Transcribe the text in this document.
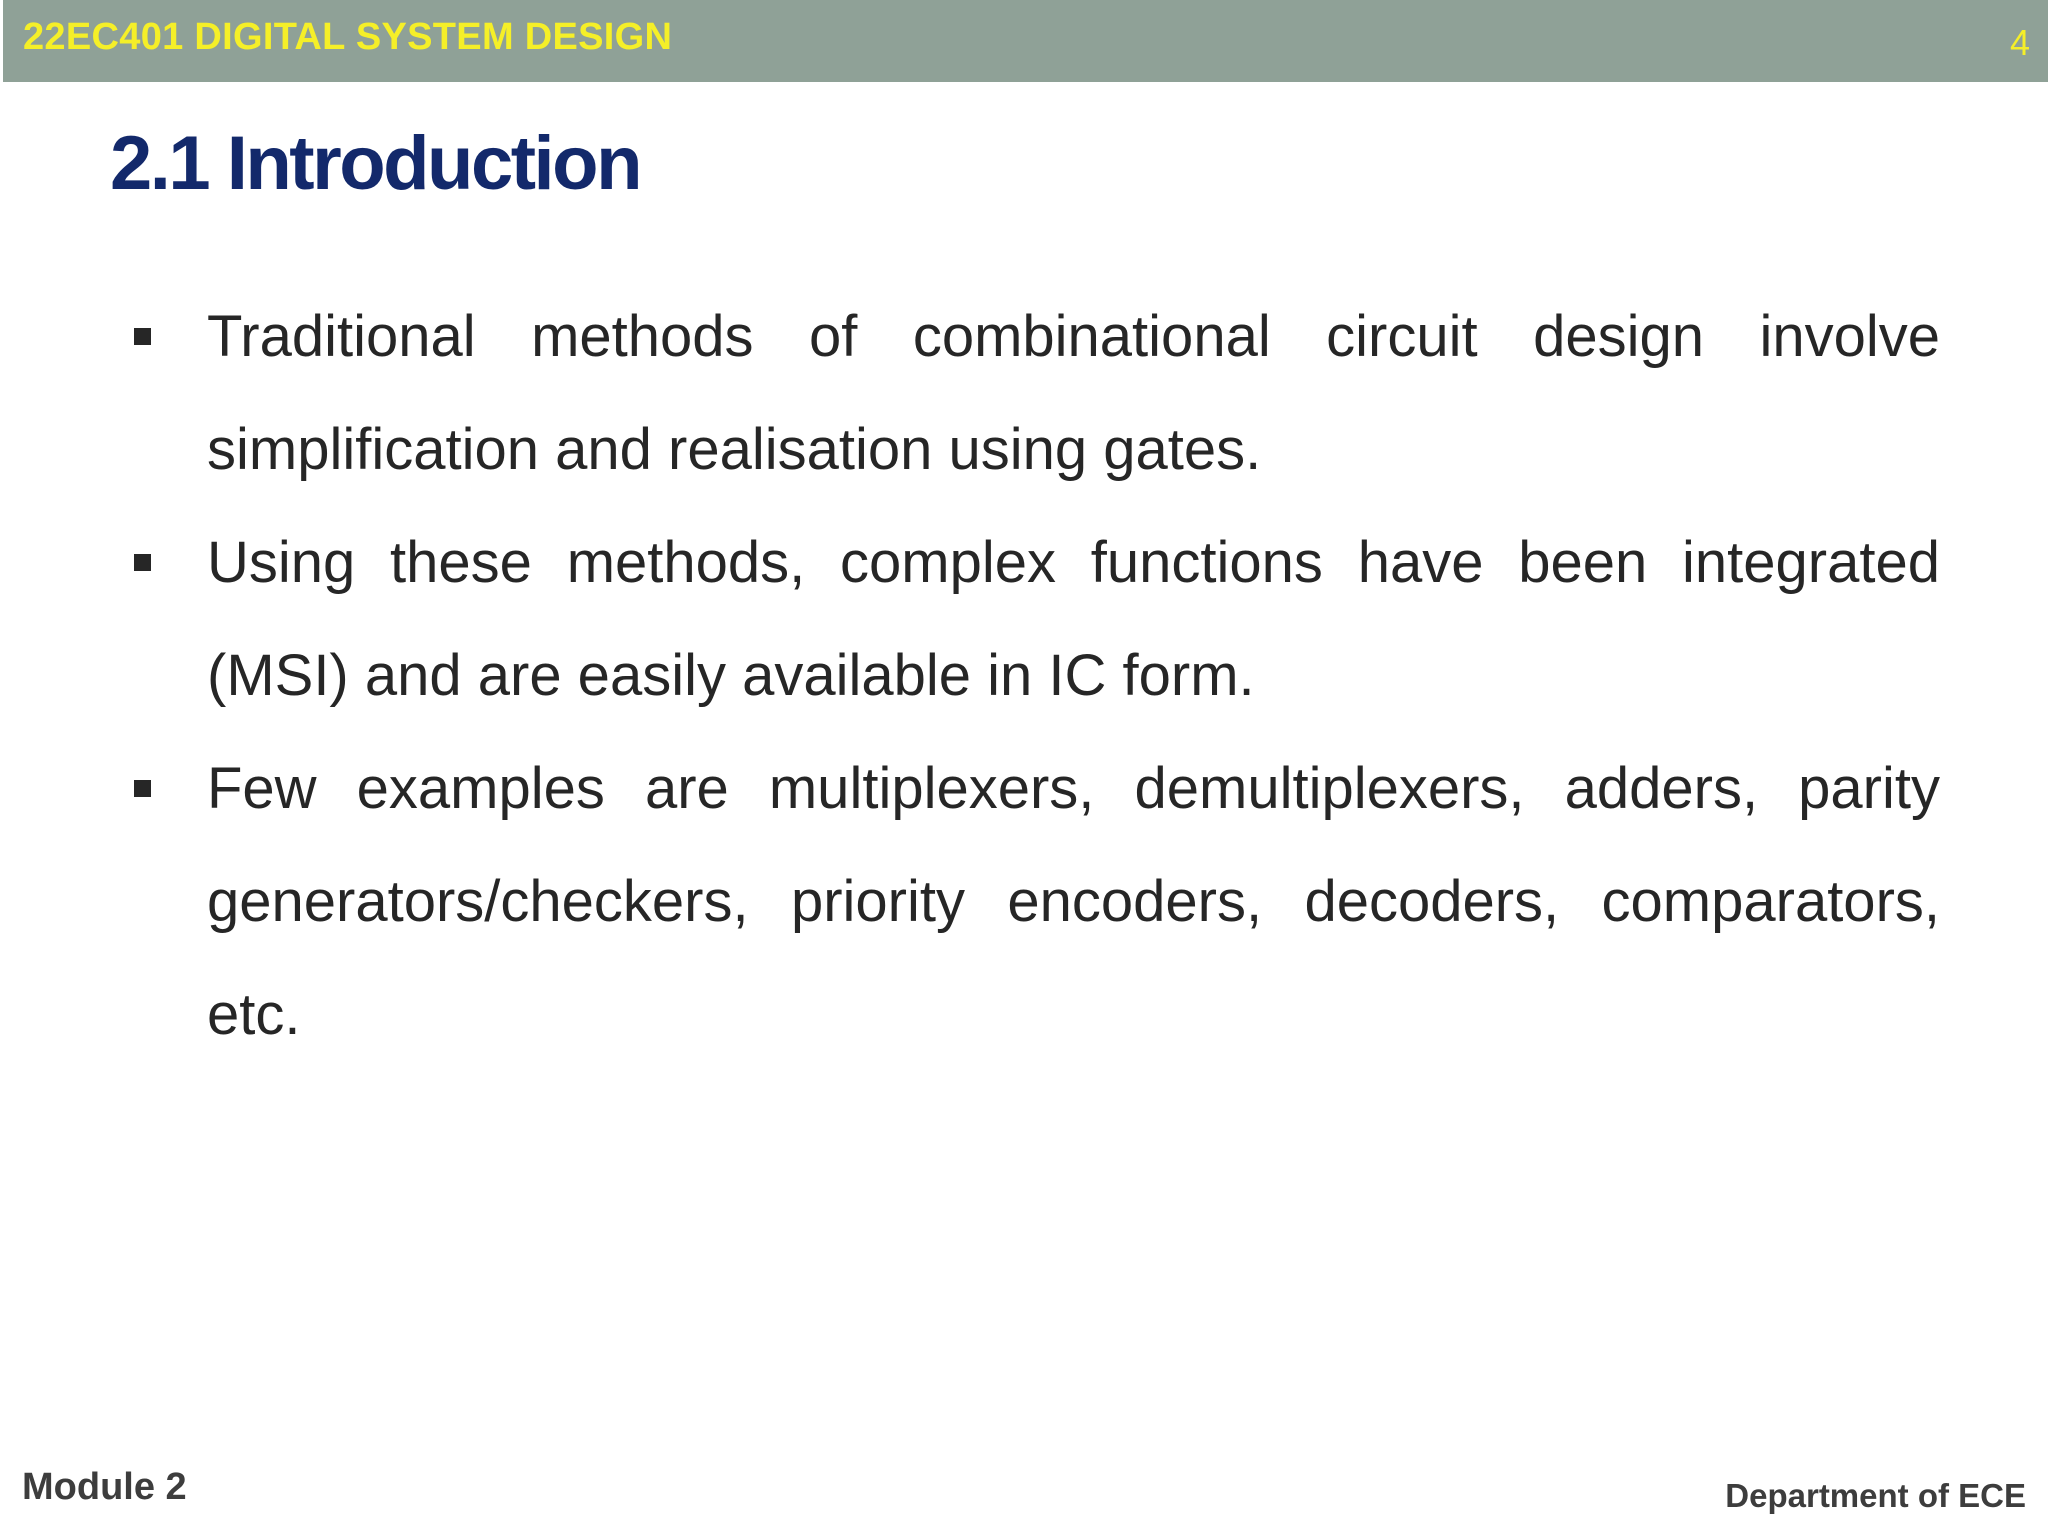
22EC401 DIGITAL SYSTEM DESIGN	4
2.1 Introduction
Traditional methods of combinational circuit design involve simplification and realisation using gates.
Using these methods, complex functions have been integrated (MSI) and are easily available in IC form.
Few examples are multiplexers, demultiplexers, adders, parity generators/checkers, priority encoders, decoders, comparators, etc.
Module 2	Department of ECE
